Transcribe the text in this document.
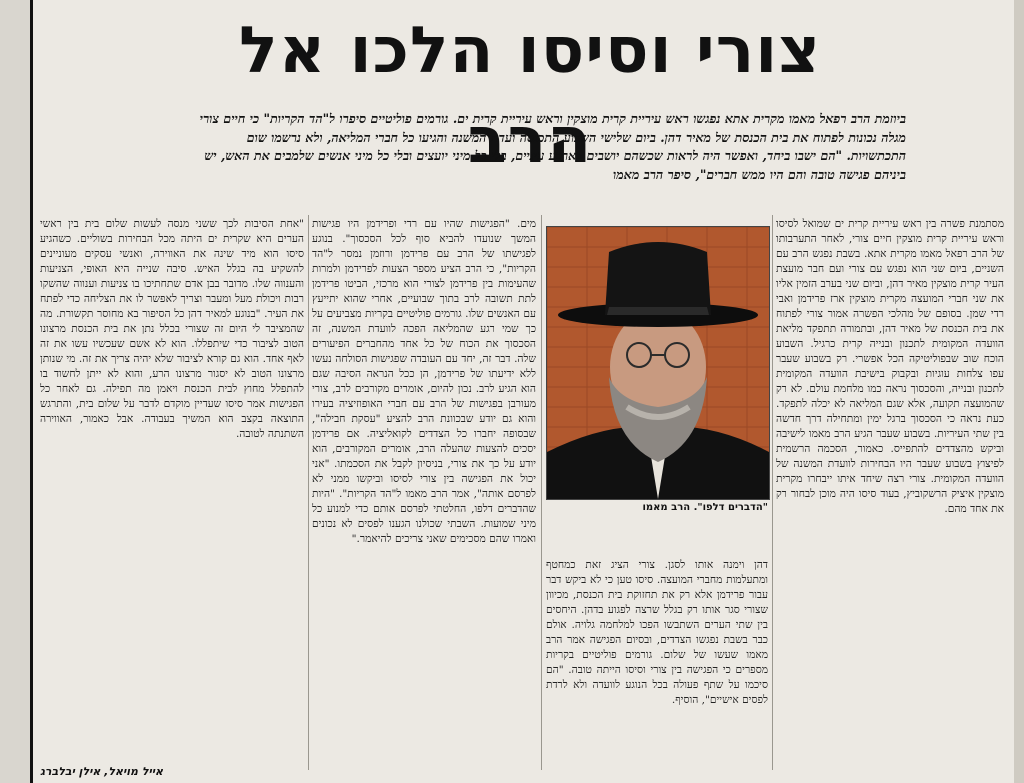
צורי וסיסו הלכו אל הרב
ביוזמת הרב רפאל מאמו מקרית אתא נפגשו ראש עיריית קרית מוצקין וראש עיריית קרית ים. גורמים פוליטיים סיפרו ל"הד הקריות" כי חיים צורי מגלה נכונות לפתוח את בית הכנסת של מאיר דהן. ביום שלישי השבוע התכנסה ועדת המשנה והגיעו כל חברי המליאה, ולא נרשמו שום התכתשויות. "הם ישבו ביחד, ואפשר היה לראות שכשהם יושבים בארבע עיניים, בלי כל מיני יועצים ובלי כל מיני אנשים שלמבים את האש, יש ביניהם פגישה טובה והם היו ממש חברים", סיפר הרב מאמו

מסתמנת פשרה בין ראש עיריית קרית ים שמואל לסיסו וראש עיריית קרית מוצקין חיים צורי, לאחר התערבותו של הרב רפאל מאמו מקרית אתא. בשבת נפגש הרב עם השניים, ביום שני הוא נפגש עם צורי ועם חבר מועצת העיר קרית מוצקין מאיר דהן, וביום שני בערב הזמין אליו את שני חברי המועצה מקרית מוצקין ארז פרידמן ואבי רדי שמן. בסופם של מהלכי הפשרה אמור צורי לפתוח את בית הכנסת של מאיר דהן, ובתמורה תתפקד מליאת הוועדה המקומית לתכנון ובנייה קרית כרגיל. השבוע הוכח שוב שבפוליטיקה הכל אפשרי. רק בשבוע שעבר עפו צלחות עוגיות ובקבוק בישיבת הוועדה המקומית לתכנון ובנייה, והסכסוך נראה כמו מלחמת עולם. לא רק שהמועצה תקועה, אלא שגם המליאה לא יכלה לתפקד. כעת נראה כי הסכסוך ברגל ימין ומתחילה דרך חדשה בין שתי העיריות. בשבוע שעבר הגיע הרב מאמו לישיבה וביקש מהצדדים להתפייס. כאמור, הסכמה הרשמית לפיצוץ בשבוע שעבר היו הבחירות לוועדת המשנה של הוועדה המקומית. צורי רצה שיחד איתו ייבחרו מקרית מוצקין איציק הרשקוביץ, בעוד סיסו היה מוכן לבחור רק את אחד מהם.

"הדברים דלפו". הרב מאמו

דהן וימנה אותו לסגן. צורי הציג זאת כמחטף ומתעלמות מחברי המועצה. סיסו טען כי לא ביקש דבר עבור פרידמן אלא רק את תחזוקת בית הכנסת, מכיוון שצורי סגר אותו רק בגלל שרצה לפגוע בדהן. היחסים בין שתי הערים השתבשו הפכו למלחמה גלויה. אולם כבר בשבת נפגשו הצדדים, ובסיום הפגישה אמר הרב מאמו שעשו של שלום. גורמים פוליטיים בקריות מספרים כי הפגישה בין צורי וסיסו הייתה טובה. "הם סיכמו על שתף פעולה בכל הנוגע לוועדה ולא לרדת לפסים אישיים", הוסיף.

מים. "הפגישות שהיו עם רדי ופרידמן היו פגישות המשך שנועדו להביא סוף לכל הסכסוך". בנוגע לפגישתו של הרב עם פרידמן ורוזמן נמסר ל"הד הקריות", כי הרב הציע מספר הצעות לפרידמן ולמרות שהעימות בין פרידמן לצורי הוא מרכזי, הביטו פרידמן לתת תשובה לרב בתוך שבועיים, אחרי שהוא יתייעץ עם האנשים שלו. גורמים פוליטיים בקריות מצביעים על כך שמי רגע שהמליאה הפכה לוועדת המשנה, זה הסכסוך את הכוח של כל אחד מהחברים הפיעורים שלה. דבר זה, יחד עם העובדה שפגישות הסולחה נעשו ללא ידיעתו של פרידמן, הן ככל הנראה הסיבה שגם הוא הגיע לרב. נכון להיום, אומרים מקורבים לרב, צורי מעורבן בפגישות של הרב עם חברי האופוזיציה בעירו והוא גם יודע שבכוונת הרב להציע "עסקת חבילה", שבסופה יחברו כל הצדדים לקואליציה. אם פרידמן יסכים להצעות שהעלה הרב, אומרים המקורבים, הוא יודע על כך את צורי, בניסיון לקבל את הסכמתו. "אני יכול את הפגישה בין צורי לסיסו וביקשו ממני לא לפרסם אותה", אמר הרב מאמו ל"הד הקריות". "היות שהדברים דלפו, החלטתי לפרסם אותם כדי למנוע כל מיני שמועות. השבתי שכולנו הגענו לפסים לא נכונים ואמרו שהם מסכימים שאני צריכים להיאמר."

"אחת הסיבות לכך ששני מנסה לעשות שלום בית בין ראשי הערים היא שקרית ים היתה מכל הבחירות בשוליים. כשהגיע סיסו הוא מיד שינה את האווירה, ואנשי עסקים מעוניינים להשקיע בה בגלל האיש. סיבה שנייה היא האופי, הצניעות והענווה שלו. מדובר בבן אדם שתחתיכו בו צניעות וענווה שהשקו רבות ויכולת מעל ומעבר וצריך לאפשר לו את הצליחה כדי לפתח את העיר. "בנוגע למאיר דהן כל הסיפור בא מחוסר תקשורת. מה שהמציבר לי היום זה שצורי בכלל נתן את בית הכנסת מרצונו הטוב לציבור כדי שיתפללו. הוא לא אשם שעכשיו עשו את זה לאף אחד. הוא גם קורא לציבור שלא יהיה צריך את זה. מי שנותן מרצונו הטוב לא יסגור מרצונו הרע, והוא לא ייתן לחשוד בו להתפלל מחוץ לבית הכנסת ויאמן מה תפילה. גם לאחר כל הפגישות אמר סיסו שעדיין מוקדם לדבר על שלום בית, והתרגש התוצאה בקצב הוא המשיך בעבודה. אבל כאמור, האווירה השתנתה לטובה.

אייל מויאל, אילן יבלברג
